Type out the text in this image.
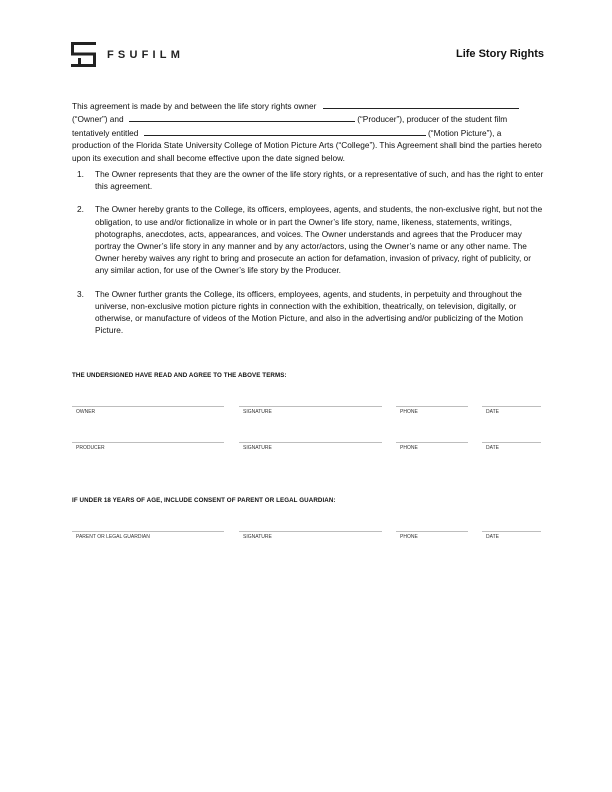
FSUFILM	Life Story Rights
This agreement is made by and between the life story rights owner
(“Owner”) and	(“Producer”), producer of the student film
tentatively entitled	(“Motion Picture”), a
production of the Florida State University College of Motion Picture Arts (“College”). This Agreement shall bind the parties hereto upon its execution and shall become effective upon the date signed below.
1. The Owner represents that they are the owner of the life story rights, or a representative of such, and has the right to enter this agreement.
2. The Owner hereby grants to the College, its officers, employees, agents, and students, the non-exclusive right, but not the obligation, to use and/or fictionalize in whole or in part the Owner’s life story, name, likeness, statements, writings, photographs, anecdotes, acts, appearances, and voices. The Owner understands and agrees that the Producer may portray the Owner’s life story in any manner and by any actor/actors, using the Owner’s name or any other name. The Owner hereby waives any right to bring and prosecute an action for defamation, invasion of privacy, right of publicity, or any similar action, for use of the Owner’s life story by the Producer.
3. The Owner further grants the College, its officers, employees, agents, and students, in perpetuity and throughout the universe, non-exclusive motion picture rights in connection with the exhibition, theatrically, on television, digitally, or otherwise, or manufacture of videos of the Motion Picture, and also in the advertising and/or publicizing of the Motion Picture.
THE UNDERSIGNED HAVE READ AND AGREE TO THE ABOVE TERMS:
OWNER	SIGNATURE	PHONE	DATE
PRODUCER	SIGNATURE	PHONE	DATE
IF UNDER 18 YEARS OF AGE, INCLUDE CONSENT OF PARENT OR LEGAL GUARDIAN:
PARENT OR LEGAL GUARDIAN	SIGNATURE	PHONE	DATE
